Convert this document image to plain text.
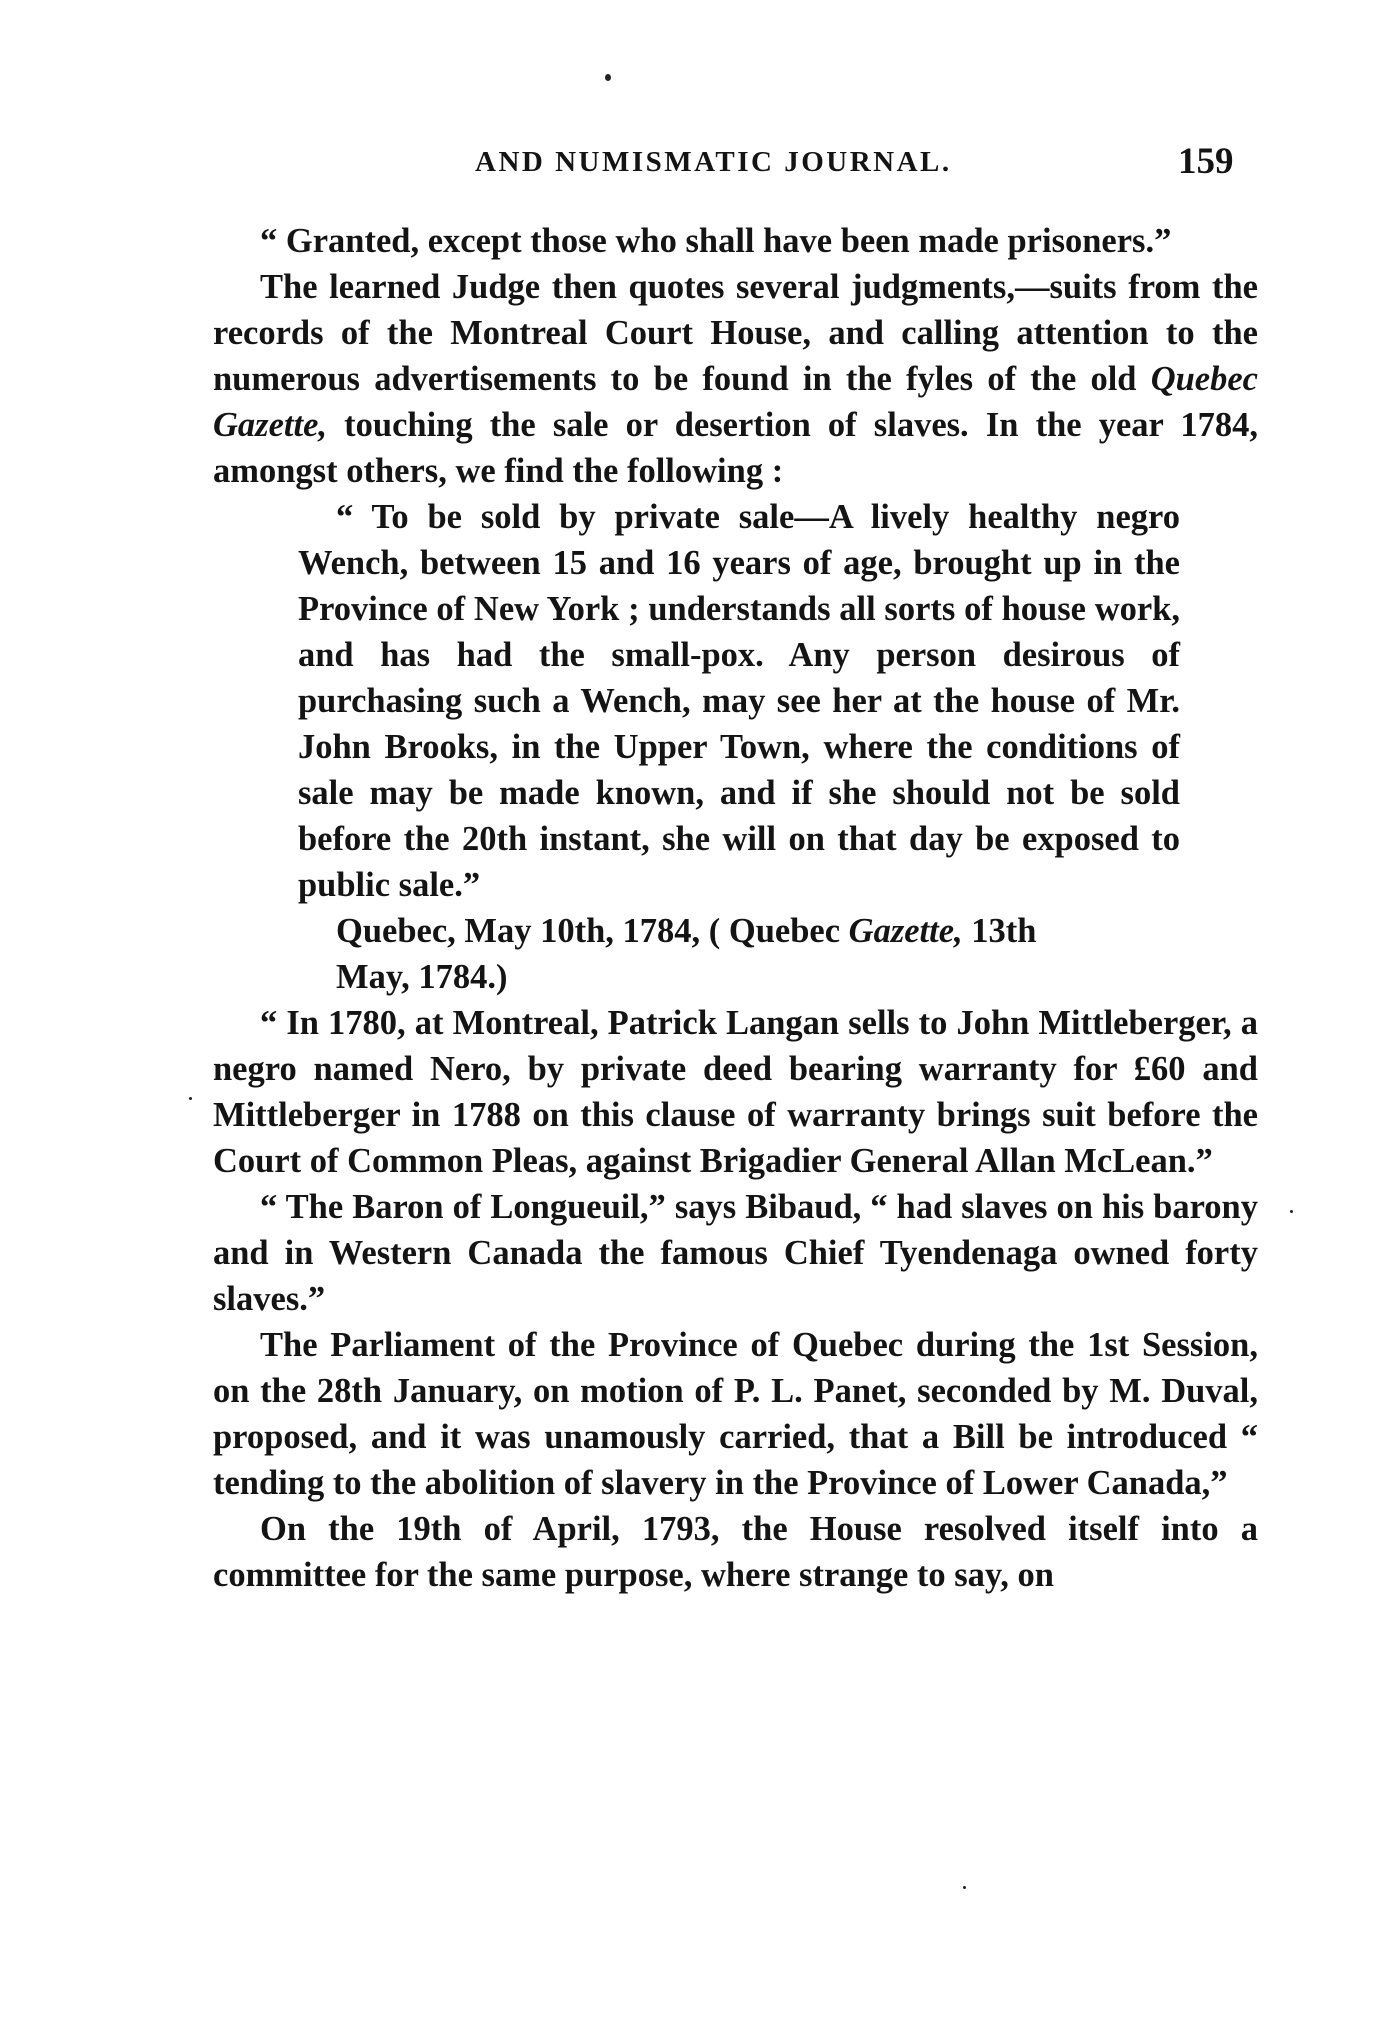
AND NUMISMATIC JOURNAL.	159

“ Granted, except those who shall have been made prisoners.”

The learned Judge then quotes several judgments,—suits from the records of the Montreal Court House, and calling attention to the numerous advertisements to be found in the fyles of the old Quebec Gazette, touching the sale or desertion of slaves. In the year 1784, amongst others, we find the following :

“ To be sold by private sale—A lively healthy negro Wench, between 15 and 16 years of age, brought up in the Province of New York ; understands all sorts of house work, and has had the small-pox. Any person desirous of purchasing such a Wench, may see her at the house of Mr. John Brooks, in the Upper Town, where the conditions of sale may be made known, and if she should not be sold before the 20th instant, she will on that day be exposed to public sale.”

Quebec, May 10th, 1784, ( Quebec Gazette, 13th
May, 1784.)

“ In 1780, at Montreal, Patrick Langan sells to John Mittleberger, a negro named Nero, by private deed bearing warranty for £60 and Mittleberger in 1788 on this clause of warranty brings suit before the Court of Common Pleas, against Brigadier General Allan McLean.”

“ The Baron of Longueuil,” says Bibaud, “ had slaves on his barony and in Western Canada the famous Chief Tyendenaga owned forty slaves.”

The Parliament of the Province of Quebec during the 1st Session, on the 28th January, on motion of P. L. Panet, seconded by M. Duval, proposed, and it was unamously carried, that a Bill be introduced “ tending to the abolition of slavery in the Province of Lower Canada,”

On the 19th of April, 1793, the House resolved itself into a committee for the same purpose, where strange to say, on
